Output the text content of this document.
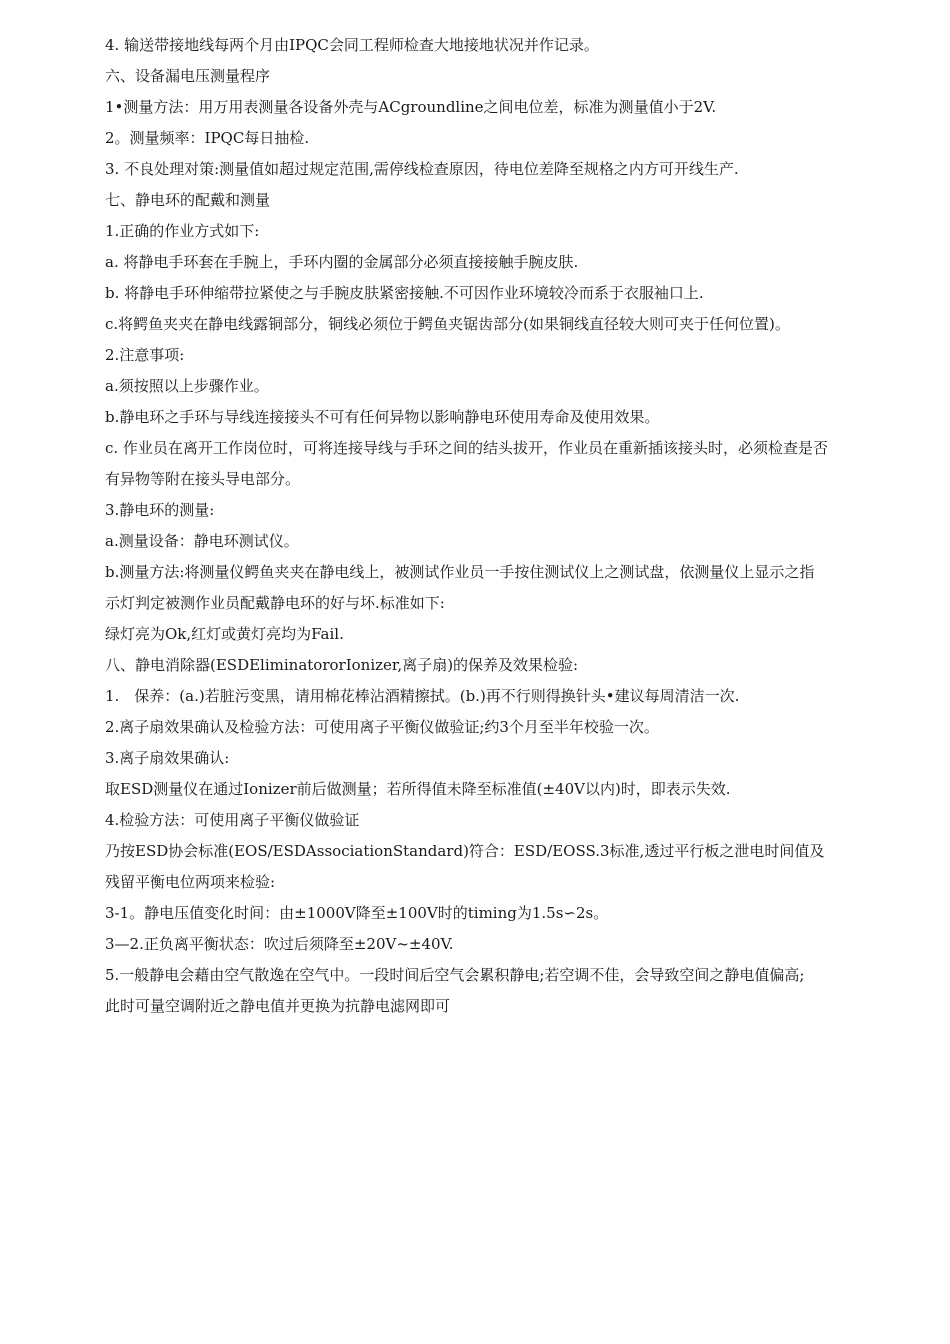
4. 输送带接地线每两个月由IPQC会同工程师检查大地接地状况并作记录。
六、设备漏电压测量程序
1•测量方法：用万用表测量各设备外壳与ACgroundline之间电位差，标准为测量值小于2V.
2。测量频率：IPQC每日抽检.
3. 不良处理对策:测量值如超过规定范围,需停线检查原因，待电位差降至规格之内方可开线生产.
七、静电环的配戴和测量
1.正确的作业方式如下:
a. 将静电手环套在手腕上，手环内圈的金属部分必须直接接触手腕皮肤.
b. 将静电手环伸缩带拉紧使之与手腕皮肤紧密接触.不可因作业环境较冷而系于衣服袖口上.
c.将鳄鱼夹夹在静电线露铜部分，铜线必须位于鳄鱼夹锯齿部分(如果铜线直径较大则可夹于任何位置)。
2.注意事项:
a.须按照以上步骤作业。
b.静电环之手环与导线连接接头不可有任何异物以影响静电环使用寿命及使用效果。
c. 作业员在离开工作岗位时，可将连接导线与手环之间的结头拔开，作业员在重新插该接头时，必须检查是否
有异物等附在接头导电部分。
3.静电环的测量:
a.测量设备：静电环测试仪。
b.测量方法:将测量仪鳄鱼夹夹在静电线上，被测试作业员一手按住测试仪上之测试盘，依测量仪上显示之指
示灯判定被测作业员配戴静电环的好与坏.标准如下:
绿灯亮为Ok,红灯或黄灯亮均为Fail.
八、静电消除器(ESDEliminatororIonizer,离子扇)的保养及效果检验:
1.　保养：(a.)若脏污变黑，请用棉花棒沾酒精擦拭。(b.)再不行则得换针头•建议每周清洁一次.
2.离子扇效果确认及检验方法：可使用离子平衡仪做验证;约3个月至半年校验一次。
3.离子扇效果确认:
取ESD测量仪在通过Ionizer前后做测量；若所得值未降至标准值(±40V以内)时，即表示失效.
4.检验方法：可使用离子平衡仪做验证
乃按ESD协会标准(EOS/ESDAssociationStandard)符合：ESD/EOSS.3标准,透过平行板之泄电时间值及残留平衡电位两项来检验:
3-1。静电压值变化时间：由±1000V降至±100V时的timing为1.5s∽2s。
3—2.正负离平衡状态：吹过后须降至±20V~±40V.
5.一般静电会藉由空气散逸在空气中。一段时间后空气会累积静电;若空调不佳，会导致空间之静电值偏高;
此时可量空调附近之静电值并更换为抗静电滤网即可
